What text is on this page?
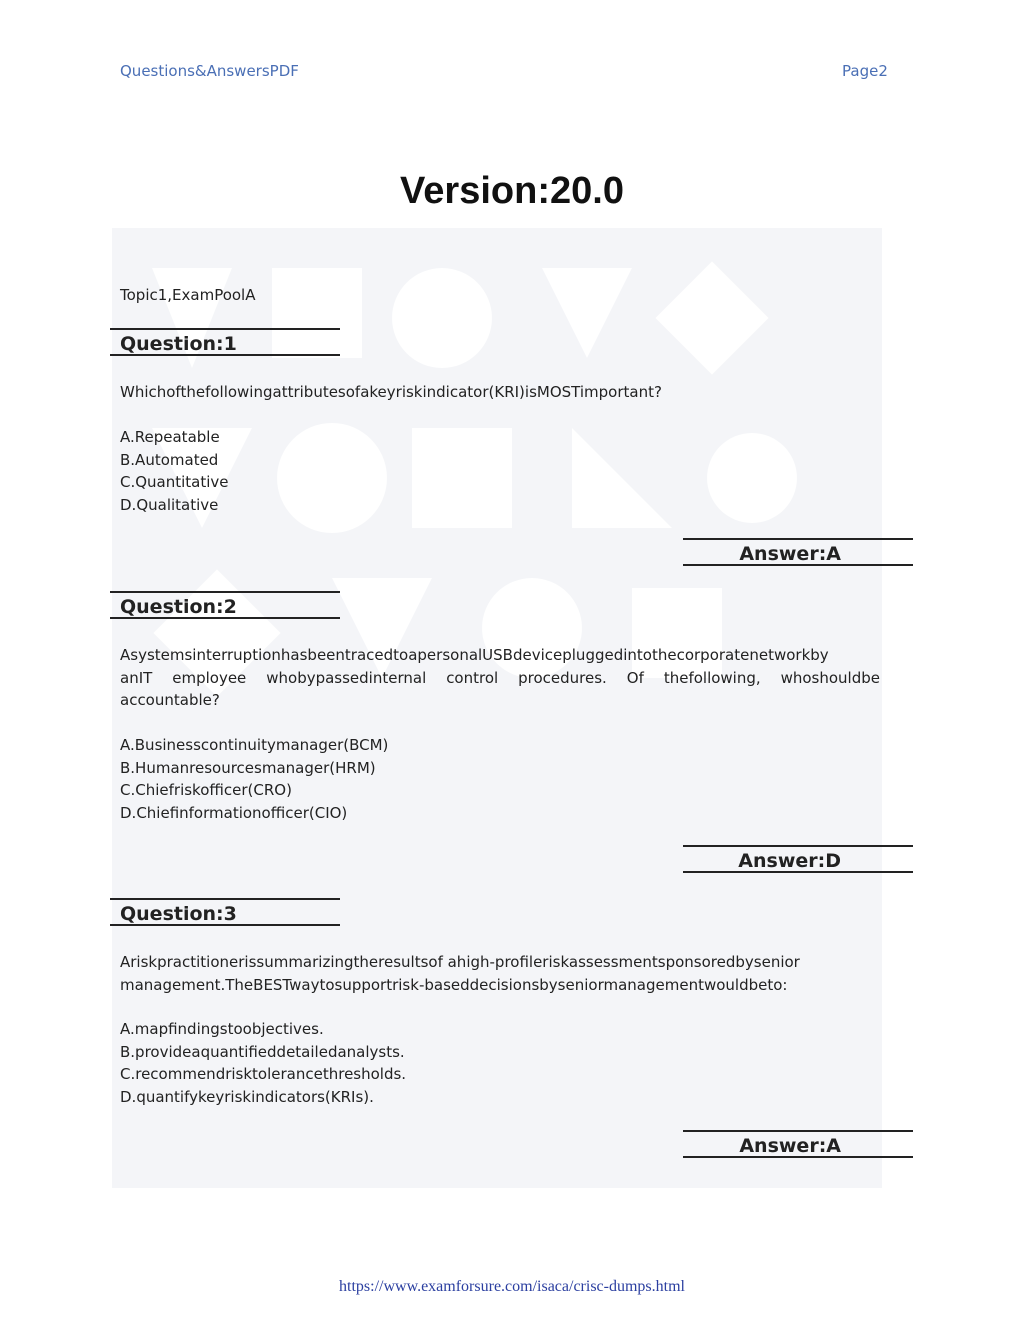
Questions&AnswersPDF	Page2
Version:20.0
Topic1,ExamPoolA
Question:1
Whichofthefollowingattributesofakeyriskindicator(KRI)isMOSTimportant?
A.Repeatable
B.Automated
C.Quantitative
D.Qualitative
Answer:A
Question:2
AsystemsinterruptionhasbeentracedtoapersonalUSBdevicepluggedintothecorporatenetworkby
anIT employee whobypassedinternal control procedures. Of thefollowing, whoshouldbe
accountable?
A.Businesscontinuitymanager(BCM)
B.Humanresourcesmanager(HRM)
C.Chiefriskofficer(CRO)
D.Chiefinformationofficer(CIO)
Answer:D
Question:3
Ariskpractitionerissummarizingtheresultsof ahigh-profileriskassessmentsponsoredbysenior
management.TheBESTwaytosupportrisk-baseddecisionsbyseniormanagementwouldbeto:
A.mapfindingstoobjectives.
B.provideaquantifieddetailedanalysts.
C.recommendrisktolerancethresholds.
D.quantifykeyriskindicators(KRIs).
Answer:A
https://www.examforsure.com/isaca/crisc-dumps.html
